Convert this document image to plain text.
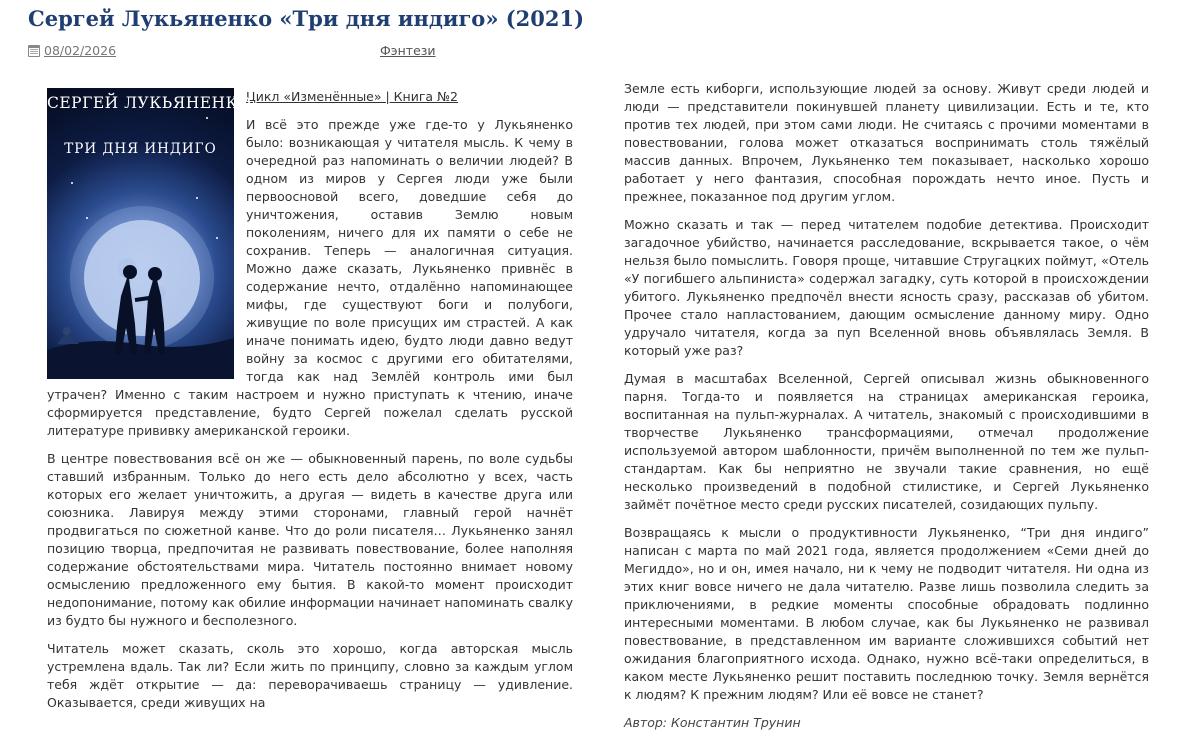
Сергей Лукьяненко «Три дня индиго» (2021)
08/02/2026	Фэнтези
СЕРГЕЙ ЛУКЬЯНЕНКО
ТРИ ДНЯ ИНДИГО

Цикл «Изменённые» | Книга №2

И всё это прежде уже где-то у Лукьяненко было: возникающая у читателя мысль. К чему в очередной раз напоминать о величии людей? В одном из миров у Сергея люди уже были первоосновой всего, доведшие себя до уничтожения, оставив Землю новым поколениям, ничего для их памяти о себе не сохранив. Теперь — аналогичная ситуация. Можно даже сказать, Лукьяненко привнёс в содержание нечто, отдалённо напоминающее мифы, где существуют боги и полубоги, живущие по воле присущих им страстей. А как иначе понимать идею, будто люди давно ведут войну за космос с другими его обитателями, тогда как над Землёй контроль ими был утрачен? Именно с таким настроем и нужно приступать к чтению, иначе сформируется представление, будто Сергей пожелал сделать русской литературе прививку американской героики.

В центре повествования всё он же — обыкновенный парень, по воле судьбы ставший избранным. Только до него есть дело абсолютно у всех, часть которых его желает уничтожить, а другая — видеть в качестве друга или союзника. Лавируя между этими сторонами, главный герой начнёт продвигаться по сюжетной канве. Что до роли писателя… Лукьяненко занял позицию творца, предпочитая не развивать повествование, более наполняя содержание обстоятельствами мира. Читатель постоянно внимает новому осмыслению предложенного ему бытия. В какой-то момент происходит недопонимание, потому как обилие информации начинает напоминать свалку из будто бы нужного и бесполезного.

Читатель может сказать, сколь это хорошо, когда авторская мысль устремлена вдаль. Так ли? Если жить по принципу, словно за каждым углом тебя ждёт открытие — да: переворачиваешь страницу — удивление. Оказывается, среди живущих на

Земле есть киборги, использующие людей за основу. Живут среди людей и люди — представители покинувшей планету цивилизации. Есть и те, кто против тех людей, при этом сами люди. Не считаясь с прочими моментами в повествовании, голова может отказаться воспринимать столь тяжёлый массив данных. Впрочем, Лукьяненко тем показывает, насколько хорошо работает у него фантазия, способная порождать нечто иное. Пусть и прежнее, показанное под другим углом.

Можно сказать и так — перед читателем подобие детектива. Происходит загадочное убийство, начинается расследование, вскрывается такое, о чём нельзя было помыслить. Говоря проще, читавшие Стругацких поймут, «Отель «У погибшего альпиниста» содержал загадку, суть которой в происхождении убитого. Лукьяненко предпочёл внести ясность сразу, рассказав об убитом. Прочее стало напластованием, дающим осмысление данному миру. Одно удручало читателя, когда за пуп Вселенной вновь объявлялась Земля. В который уже раз?

Думая в масштабах Вселенной, Сергей описывал жизнь обыкновенного парня. Тогда-то и появляется на страницах американская героика, воспитанная на пульп-журналах. А читатель, знакомый с происходившими в творчестве Лукьяненко трансформациями, отмечал продолжение используемой автором шаблонности, причём выполненной по тем же пульп-стандартам. Как бы неприятно не звучали такие сравнения, но ещё несколько произведений в подобной стилистике, и Сергей Лукьяненко займёт почётное место среди русских писателей, созидающих пульпу.

Возвращаясь к мысли о продуктивности Лукьяненко, “Три дня индиго” написан с марта по май 2021 года, является продолжением «Семи дней до Мегиддо», но и он, имея начало, ни к чему не подводит читателя. Ни одна из этих книг вовсе ничего не дала читателю. Разве лишь позволила следить за приключениями, в редкие моменты способные обрадовать подлинно интересными моментами. В любом случае, как бы Лукьяненко не развивал повествование, в представленном им варианте сложившихся событий нет ожидания благоприятного исхода. Однако, нужно всё-таки определиться, в каком месте Лукьяненко решит поставить последнюю точку. Земля вернётся к людям? К прежним людям? Или её вовсе не станет?

Автор: Константин Трунин
